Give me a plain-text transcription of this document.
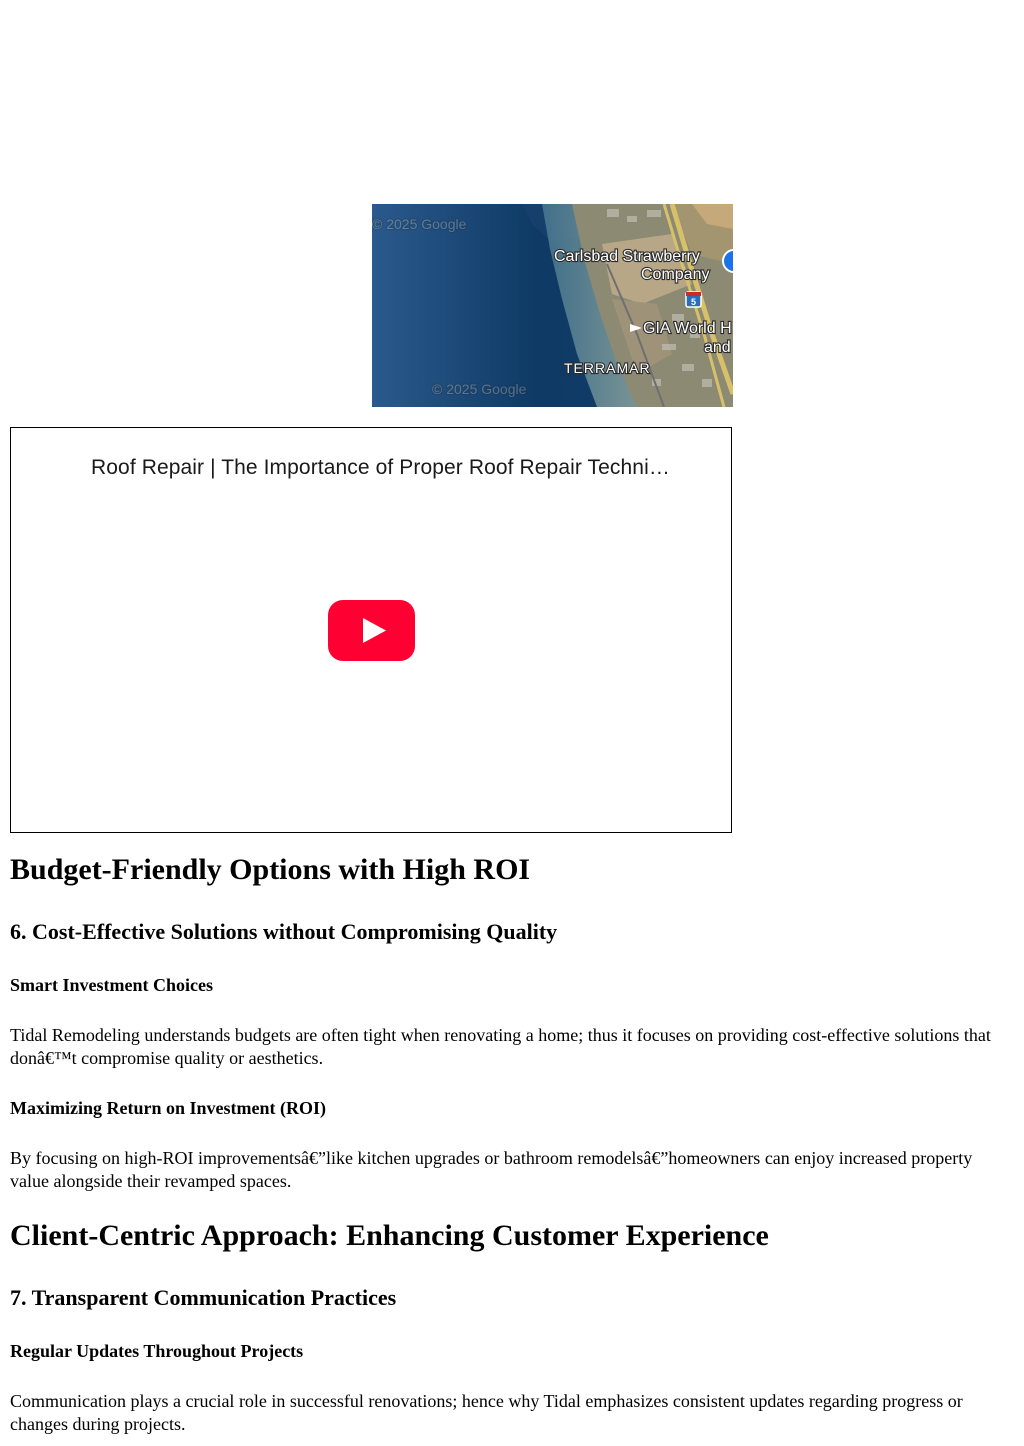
5
© 2025 Google
Carlsbad Strawberry
Company
GIA World H
and
TERRAMAR
© 2025 Google
Roof Repair | The Importance of Proper Roof Repair Techni…
Budget-Friendly Options with High ROI
6. Cost-Effective Solutions without Compromising Quality
Smart Investment Choices

Tidal Remodeling understands budgets are often tight when renovating a home; thus it focuses on providing cost-effective solutions that donâ€™t compromise quality or aesthetics.

Maximizing Return on Investment (ROI)

By focusing on high-ROI improvementsâ€”like kitchen upgrades or bathroom remodelsâ€”homeowners can enjoy increased property value alongside their revamped spaces.

Client-Centric Approach: Enhancing Customer Experience
7. Transparent Communication Practices
Regular Updates Throughout Projects

Communication plays a crucial role in successful renovations; hence why Tidal emphasizes consistent updates regarding progress or changes during projects.
